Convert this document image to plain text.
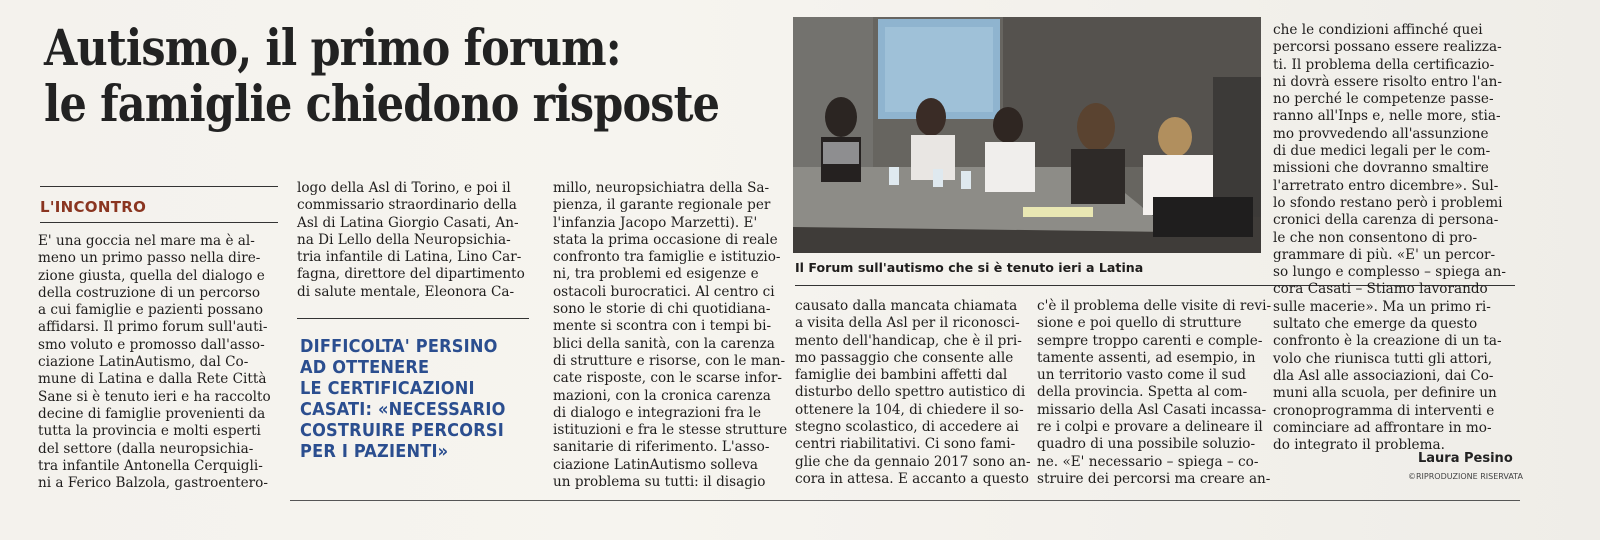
Autismo, il primo forum:
le famiglie chiedono risposte
L'INCONTRO
E' una goccia nel mare ma è al-
meno un primo passo nella dire-
zione giusta, quella del dialogo e
della costruzione di un percorso
a cui famiglie e pazienti possano
affidarsi. Il primo forum sull'auti-
smo voluto e promosso dall'asso-
ciazione LatinAutismo, dal Co-
mune di Latina e dalla Rete Città
Sane si è tenuto ieri e ha raccolto
decine di famiglie provenienti da
tutta la provincia e molti esperti
del settore (dalla neuropsichia-
tra infantile Antonella Cerquigli-
ni a Ferico Balzola, gastroentero-
logo della Asl di Torino, e poi il
commissario straordinario della
Asl di Latina Giorgio Casati, An-
na Di Lello della Neuropsichia-
tria infantile di Latina, Lino Car-
fagna, direttore del dipartimento
di salute mentale, Eleonora Ca-
DIFFICOLTA' PERSINO
AD OTTENERE
LE CERTIFICAZIONI
CASATI: «NECESSARIO
COSTRUIRE PERCORSI
PER I PAZIENTI»
millo, neuropsichiatra della Sa-
pienza, il garante regionale per
l'infanzia Jacopo Marzetti). E'
stata la prima occasione di reale
confronto tra famiglie e istituzio-
ni, tra problemi ed esigenze e
ostacoli burocratici. Al centro ci
sono le storie di chi quotidiana-
mente si scontra con i tempi bi-
blici della sanità, con la carenza
di strutture e risorse, con le man-
cate risposte, con le scarse infor-
mazioni, con la cronica carenza
di dialogo e integrazioni fra le
istituzioni e fra le stesse strutture
sanitarie di riferimento. L'asso-
ciazione LatinAutismo solleva
un problema su tutti: il disagio
Il Forum sull'autismo che si è tenuto ieri a Latina
causato dalla mancata chiamata
a visita della Asl per il riconosci-
mento dell'handicap, che è il pri-
mo passaggio che consente alle
famiglie dei bambini affetti dal
disturbo dello spettro autistico di
ottenere la 104, di chiedere il so-
stegno scolastico, di accedere ai
centri riabilitativi. Ci sono fami-
glie che da gennaio 2017 sono an-
cora in attesa. E accanto a questo
c'è il problema delle visite di revi-
sione e poi quello di strutture
sempre troppo carenti e comple-
tamente assenti, ad esempio, in
un territorio vasto come il sud
della provincia. Spetta al com-
missario della Asl Casati incassa-
re i colpi e provare a delineare il
quadro di una possibile soluzio-
ne. «E' necessario – spiega – co-
struire dei percorsi ma creare an-
che le condizioni affinché quei
percorsi possano essere realizza-
ti. Il problema della certificazio-
ni dovrà essere risolto entro l'an-
no perché le competenze passe-
ranno all'Inps e, nelle more, stia-
mo provvedendo all'assunzione
di due medici legali per le com-
missioni che dovranno smaltire
l'arretrato entro dicembre». Sul-
lo sfondo restano però i problemi
cronici della carenza di persona-
le che non consentono di pro-
grammare di più. «E' un percor-
so lungo e complesso – spiega an-
cora Casati – Stiamo lavorando
sulle macerie». Ma un primo ri-
sultato che emerge da questo
confronto è la creazione di un ta-
volo che riunisca tutti gli attori,
dla Asl alle associazioni, dai Co-
muni alla scuola, per definire un
cronoprogramma di interventi e
cominciare ad affrontare in mo-
do integrato il problema.
Laura Pesino
©RIPRODUZIONE RISERVATA
